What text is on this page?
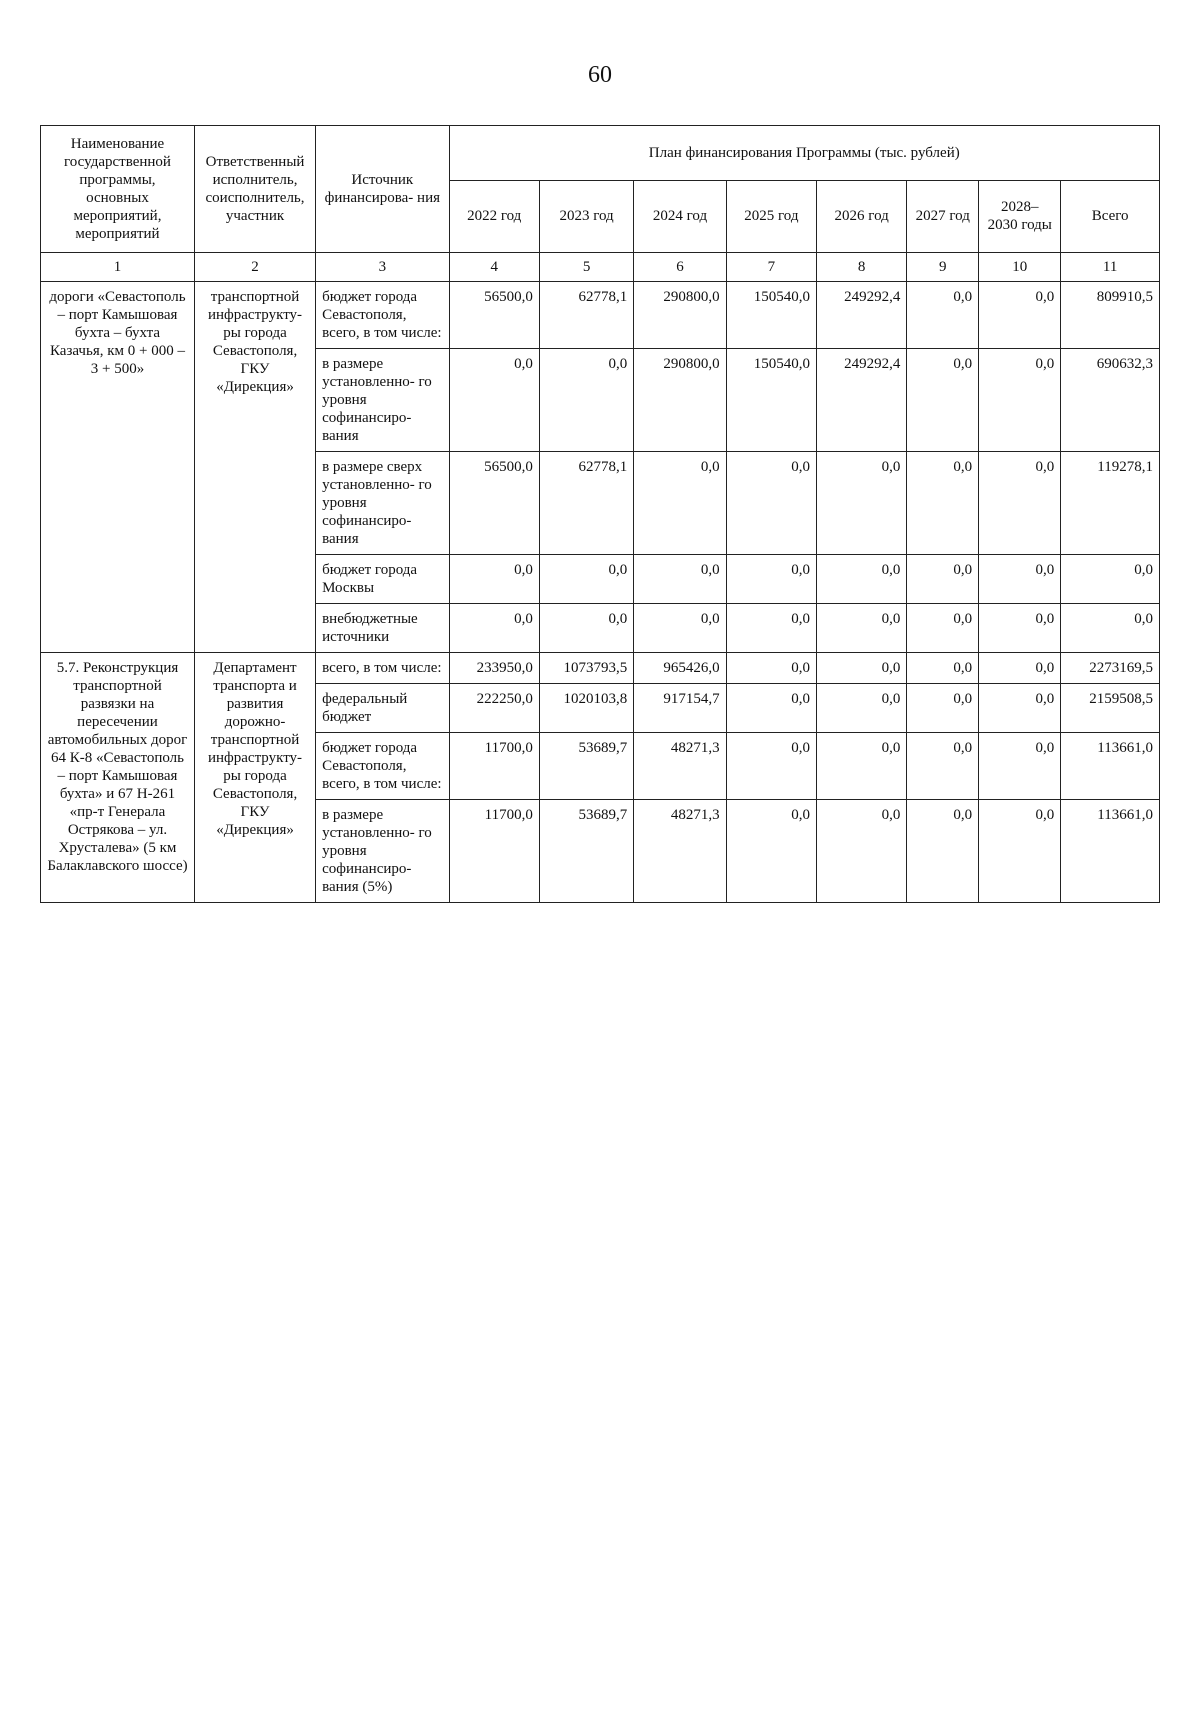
60
Наименование государственной программы, основных мероприятий, мероприятий	Ответственный исполнитель, соисполнитель, участник	Источник финансирова- ния	План финансирования Программы (тыс. рублей)							
			2022 год	2023 год	2024 год	2025 год	2026 год	2027 год	2028– 2030 годы	Всего
1	2	3	4	5	6	7	8	9	10	11
дороги «Севастополь – порт Камышовая бухта – бухта Казачья, км 0 + 000 – 3 + 500»	транспортной инфраструкту- ры города Севастополя, ГКУ «Дирекция»	бюджет города Севастополя, всего, в том числе:	56500,0	62778,1	290800,0	150540,0	249292,4	0,0	0,0	809910,5
		в размере установленно- го уровня софинансиро- вания	0,0	0,0	290800,0	150540,0	249292,4	0,0	0,0	690632,3
		в размере сверх установленно- го уровня софинансиро- вания	56500,0	62778,1	0,0	0,0	0,0	0,0	0,0	119278,1
		бюджет города Москвы	0,0	0,0	0,0	0,0	0,0	0,0	0,0	0,0
		внебюджетные источники	0,0	0,0	0,0	0,0	0,0	0,0	0,0	0,0
5.7. Реконструкция транспортной развязки на пересечении автомобильных дорог 64 К-8 «Севастополь – порт Камышовая бухта» и 67 Н-261 «пр-т Генерала Острякова – ул. Хрусталева» (5 км Балаклавского шоссе)	Департамент транспорта и развития дорожно- транспортной инфраструкту- ры города Севастополя, ГКУ «Дирекция»	всего, в том числе:	233950,0	1073793,5	965426,0	0,0	0,0	0,0	0,0	2273169,5
		федеральный бюджет	222250,0	1020103,8	917154,7	0,0	0,0	0,0	0,0	2159508,5
		бюджет города Севастополя, всего, в том числе:	11700,0	53689,7	48271,3	0,0	0,0	0,0	0,0	113661,0
		в размере установленно- го уровня софинансиро- вания (5%)	11700,0	53689,7	48271,3	0,0	0,0	0,0	0,0	113661,0
